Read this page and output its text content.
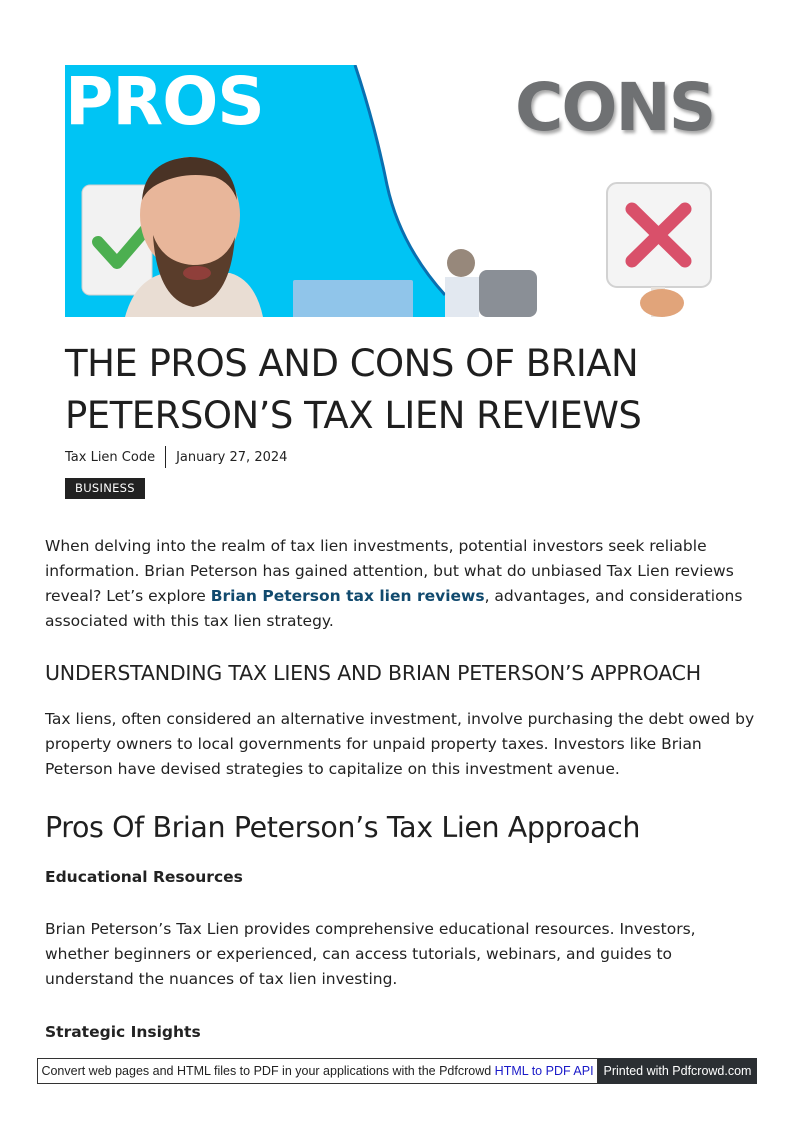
PROS	CONS
THE PROS AND CONS OF BRIAN PETERSON’S TAX LIEN REVIEWS
Tax Lien Code January 27, 2024
BUSINESS

When delving into the realm of tax lien investments, potential investors seek reliable information. Brian Peterson has gained attention, but what do unbiased Tax Lien reviews reveal? Let’s explore Brian Peterson tax lien reviews, advantages, and considerations associated with this tax lien strategy.

UNDERSTANDING TAX LIENS AND BRIAN PETERSON’S APPROACH

Tax liens, often considered an alternative investment, involve purchasing the debt owed by property owners to local governments for unpaid property taxes. Investors like Brian Peterson have devised strategies to capitalize on this investment avenue.

Pros Of Brian Peterson’s Tax Lien Approach
Educational Resources

Brian Peterson’s Tax Lien provides comprehensive educational resources. Investors, whether beginners or experienced, can access tutorials, webinars, and guides to understand the nuances of tax lien investing.

Strategic Insights
Convert web pages and HTML files to PDF in your applications with the Pdfcrowd HTML to PDF API Printed with Pdfcrowd.com
